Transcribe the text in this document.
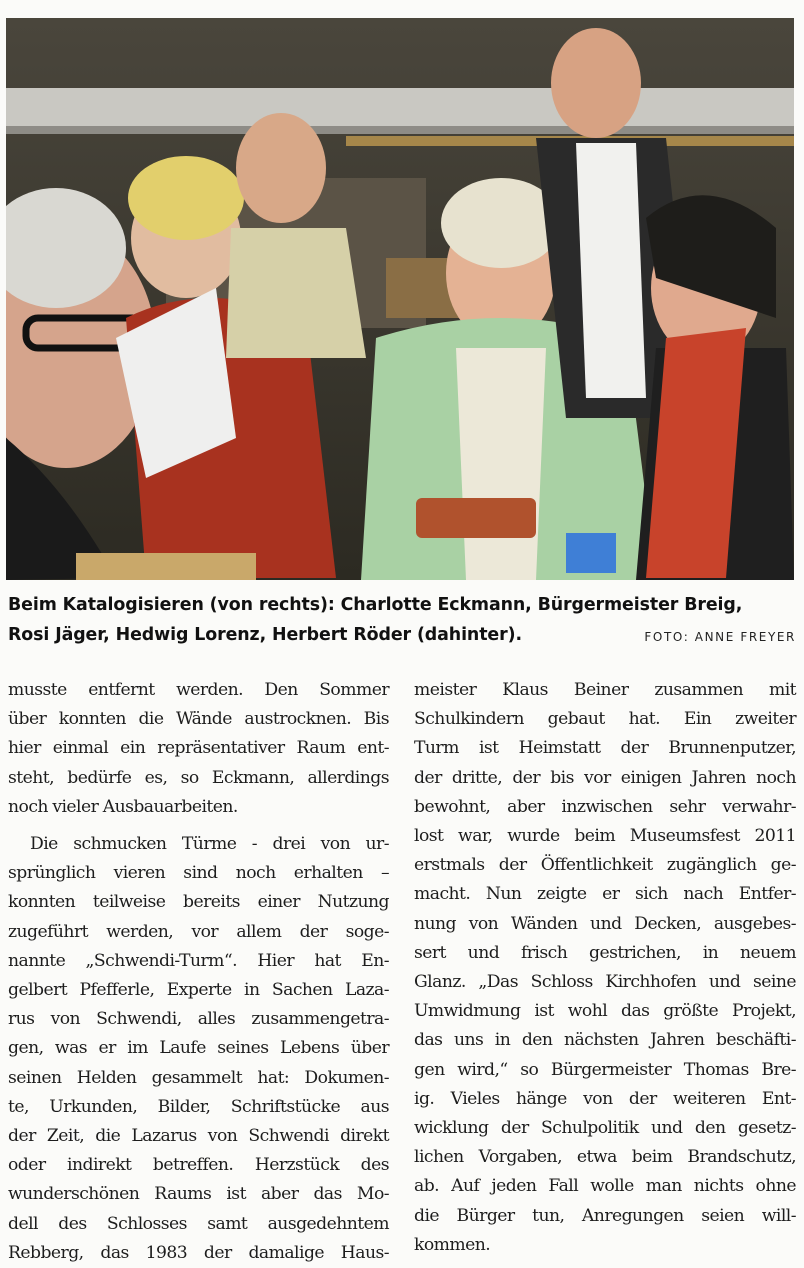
Beim Katalogisieren (von rechts): Charlotte Eckmann, Bürgermeister Breig,
Rosi Jäger, Hedwig Lorenz, Herbert Röder (dahinter).	FOTO: ANNE FREYER
musste entfernt werden. Den Sommer
über konnten die Wände austrocknen. Bis
hier einmal ein repräsentativer Raum ent-
steht, bedürfe es, so Eckmann, allerdings
noch vieler Ausbauarbeiten.
Die schmucken Türme - drei von ur-
sprünglich vieren sind noch erhalten –
konnten teilweise bereits einer Nutzung
zugeführt werden, vor allem der soge-
nannte „Schwendi-Turm“. Hier hat En-
gelbert Pfefferle, Experte in Sachen Laza-
rus von Schwendi, alles zusammengetra-
gen, was er im Laufe seines Lebens über
seinen Helden gesammelt hat: Dokumen-
te, Urkunden, Bilder, Schriftstücke aus
der Zeit, die Lazarus von Schwendi direkt
oder indirekt betreffen. Herzstück des
wunderschönen Raums ist aber das Mo-
dell des Schlosses samt ausgedehntem
Rebberg, das 1983 der damalige Haus-
meister Klaus Beiner zusammen mit
Schulkindern gebaut hat. Ein zweiter
Turm ist Heimstatt der Brunnenputzer,
der dritte, der bis vor einigen Jahren noch
bewohnt, aber inzwischen sehr verwahr-
lost war, wurde beim Museumsfest 2011
erstmals der Öffentlichkeit zugänglich ge-
macht. Nun zeigte er sich nach Entfer-
nung von Wänden und Decken, ausgebes-
sert und frisch gestrichen, in neuem
Glanz. „Das Schloss Kirchhofen und seine
Umwidmung ist wohl das größte Projekt,
das uns in den nächsten Jahren beschäfti-
gen wird,“ so Bürgermeister Thomas Bre-
ig. Vieles hänge von der weiteren Ent-
wicklung der Schulpolitik und den gesetz-
lichen Vorgaben, etwa beim Brandschutz,
ab. Auf jeden Fall wolle man nichts ohne
die Bürger tun, Anregungen seien will-
kommen.
